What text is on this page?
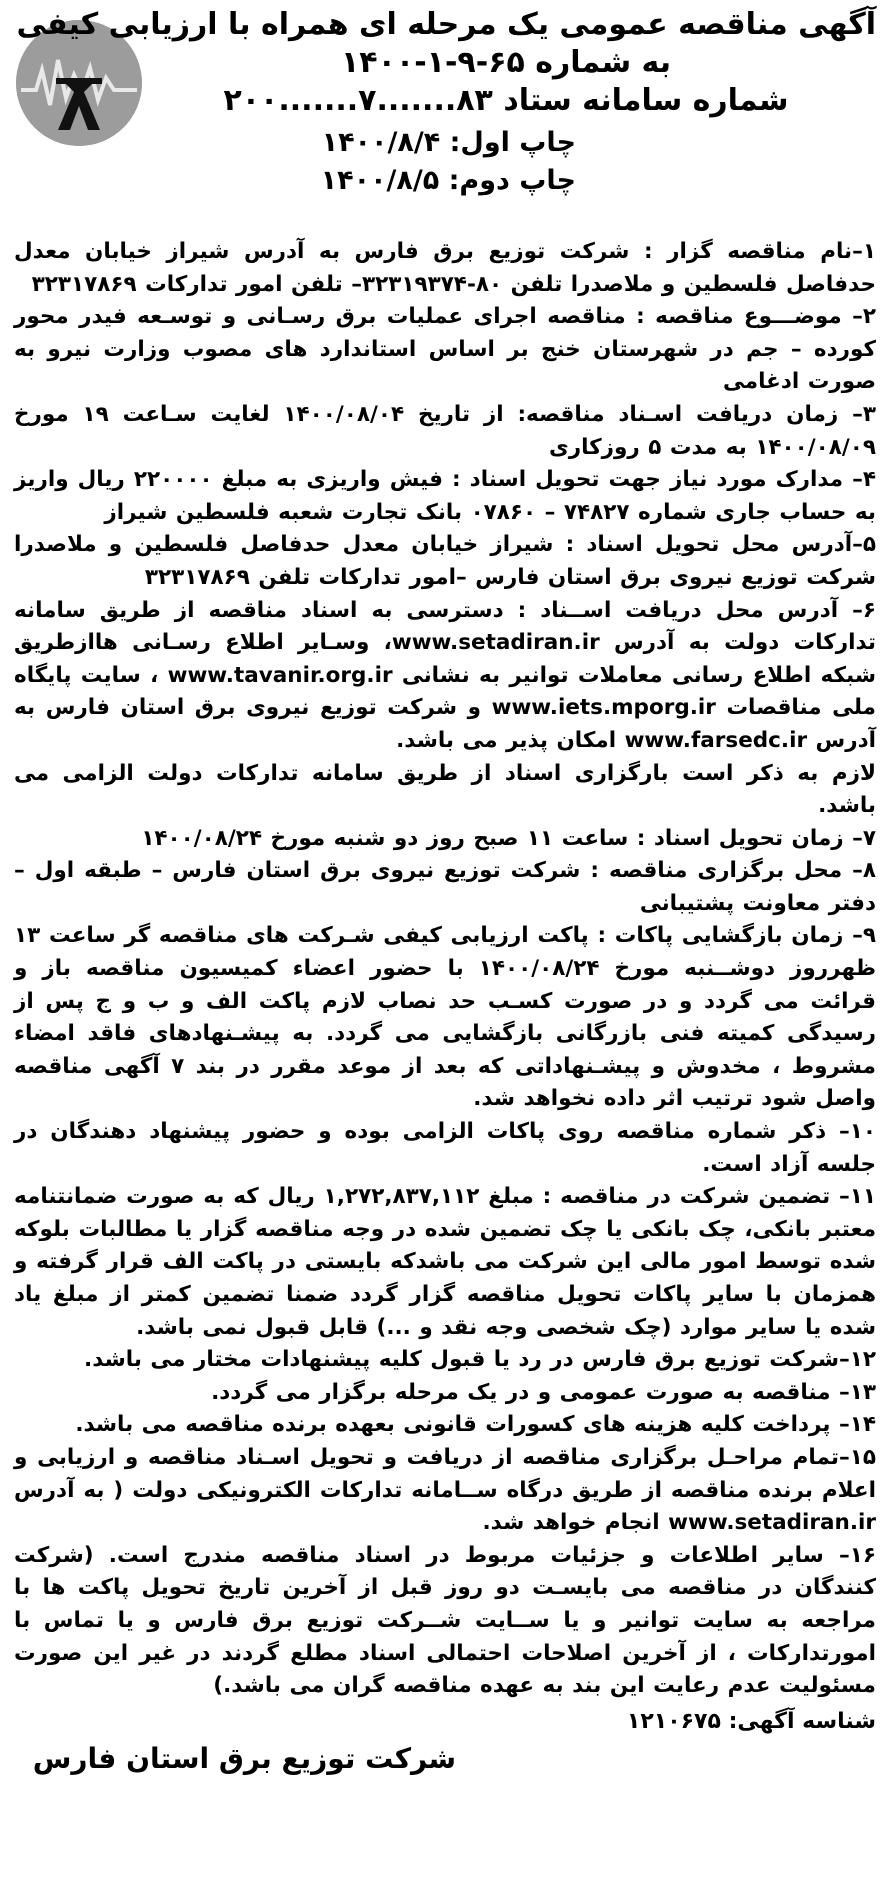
آگهی مناقصه عمومی یک مرحله ای همراه با ارزیابی کیفی
به شماره ۶۵-۹-۱-۱۴۰۰
شماره سامانه ستاد ۸۳.......۷.......۲۰۰
چاپ اول: ۱۴۰۰/۸/۴
چاپ دوم: ۱۴۰۰/۸/۵
۱–نام مناقصه گزار : شرکت توزیع برق فارس به آدرس شیراز خیابان معدل حدفاصل فلسطین و ملاصدرا تلفن ۸۰-۳۲۳۱۹۳۷۴– تلفن امور تدارکات ۳۲۳۱۷۸۶۹
۲– موضـــوع مناقصه : مناقصه اجرای عملیات برق رسـانی و توسـعه فیدر محور کورده – جم در شهرستان خنج بر اساس استاندارد های مصوب وزارت نیرو به صورت ادغامی
۳– زمان دریافت اسـناد مناقصه: از تاریخ ۱۴۰۰/۰۸/۰۴ لغایت سـاعت ۱۹ مورخ ۱۴۰۰/۰۸/۰۹ به مدت ۵ روزکاری
۴– مدارک مورد نیاز جهت تحویل اسناد : فیش واریزی به مبلغ ۲۲۰۰۰۰ ریال واریز به حساب جاری شماره ۷۴۸۲۷ – ۰۷۸۶۰ بانک تجارت شعبه فلسطین شیراز
۵–آدرس محل تحویل اسناد : شیراز خیابان معدل حدفاصل فلسطین و ملاصدرا شرکت توزیع نیروی برق استان فارس –امور تدارکات تلفن ۳۲۳۱۷۸۶۹
۶– آدرس محل دریافت اســناد : دسترسی به اسناد مناقصه از طریق سامانه تدارکات دولت به آدرس www.setadiran.ir، وسـایر اطلاع رسـانی هاازطریق شبکه اطلاع رسانی معاملات توانیر به نشانی www.tavanir.org.ir ، سایت پایگاه ملی مناقصات www.iets.mporg.ir و شرکت توزیع نیروی برق استان فارس به آدرس www.farsedc.ir امکان پذیر می باشد.
لازم به ذکر است بارگزاری اسناد از طریق سامانه تدارکات دولت الزامی می باشد.
۷– زمان تحویل اسناد : ساعت ۱۱ صبح روز دو شنبه مورخ ۱۴۰۰/۰۸/۲۴
۸– محل برگزاری مناقصه : شرکت توزیع نیروی برق استان فارس – طبقه اول – دفتر معاونت پشتیبانی
۹– زمان بازگشایی پاکات : پاکت ارزیابی کیفی شـرکت های مناقصه گر ساعت ۱۳ ظهرروز دوشــنبه مورخ ۱۴۰۰/۰۸/۲۴ با حضور اعضاء کمیسیون مناقصه باز و قرائت می گردد و در صورت کسـب حد نصاب لازم پاکت الف و ب و ج پس از رسیدگی کمیته فنی بازرگانی بازگشایی می گردد. به پیشـنهادهای فاقد امضاء مشروط ، مخدوش و پیشـنهاداتی که بعد از موعد مقرر در بند ۷ آگهی مناقصه واصل شود ترتیب اثر داده نخواهد شد.
۱۰– ذکر شماره مناقصه روی پاکات الزامی بوده و حضور پیشنهاد دهندگان در جلسه آزاد است.
۱۱– تضمین شرکت در مناقصه : مبلغ ۱,۲۷۲,۸۳۷,۱۱۲ ریال که به صورت ضمانتنامه معتبر بانکی، چک بانکی یا چک تضمین شده در وجه مناقصه گزار یا مطالبات بلوکه شده توسط امور مالی این شرکت می باشدکه بایستی در پاکت الف قرار گرفته و همزمان با سایر پاکات تحویل مناقصه گزار گردد ضمنا تضمین کمتر از مبلغ یاد شده یا سایر موارد (چک شخصی وجه نقد و ...) قابل قبول نمی باشد.
۱۲–شرکت توزیع برق فارس در رد یا قبول کلیه پیشنهادات مختار می باشد.
۱۳– مناقصه به صورت عمومی و در یک مرحله برگزار می گردد.
۱۴– پرداخت کلیه هزینه های کسورات قانونی بعهده برنده مناقصه می باشد.
۱۵–تمام مراحـل برگزاری مناقصه از دریافت و تحویل اسـناد مناقصه و ارزیابی و اعلام برنده مناقصه از طریق درگاه ســامانه تدارکات الکترونیکی دولت ( به آدرس www.setadiran.ir انجام خواهد شد.
۱۶– سایر اطلاعات و جزئیات مربوط در اسناد مناقصه مندرج است. (شرکت کنندگان در مناقصه می بایسـت دو روز قبل از آخرین تاریخ تحویل پاکت ها با مراجعه به سایت توانیر و یا ســایت شــرکت توزیع برق فارس و یا تماس با امورتدارکات ، از آخرین اصلاحات احتمالی اسناد مطلع گردند در غیر این صورت مسئولیت عدم رعایت این بند به عهده مناقصه گران می باشد.)
شناسه آگهی: ۱۲۱۰۶۷۵
شرکت توزیع برق استان فارس
